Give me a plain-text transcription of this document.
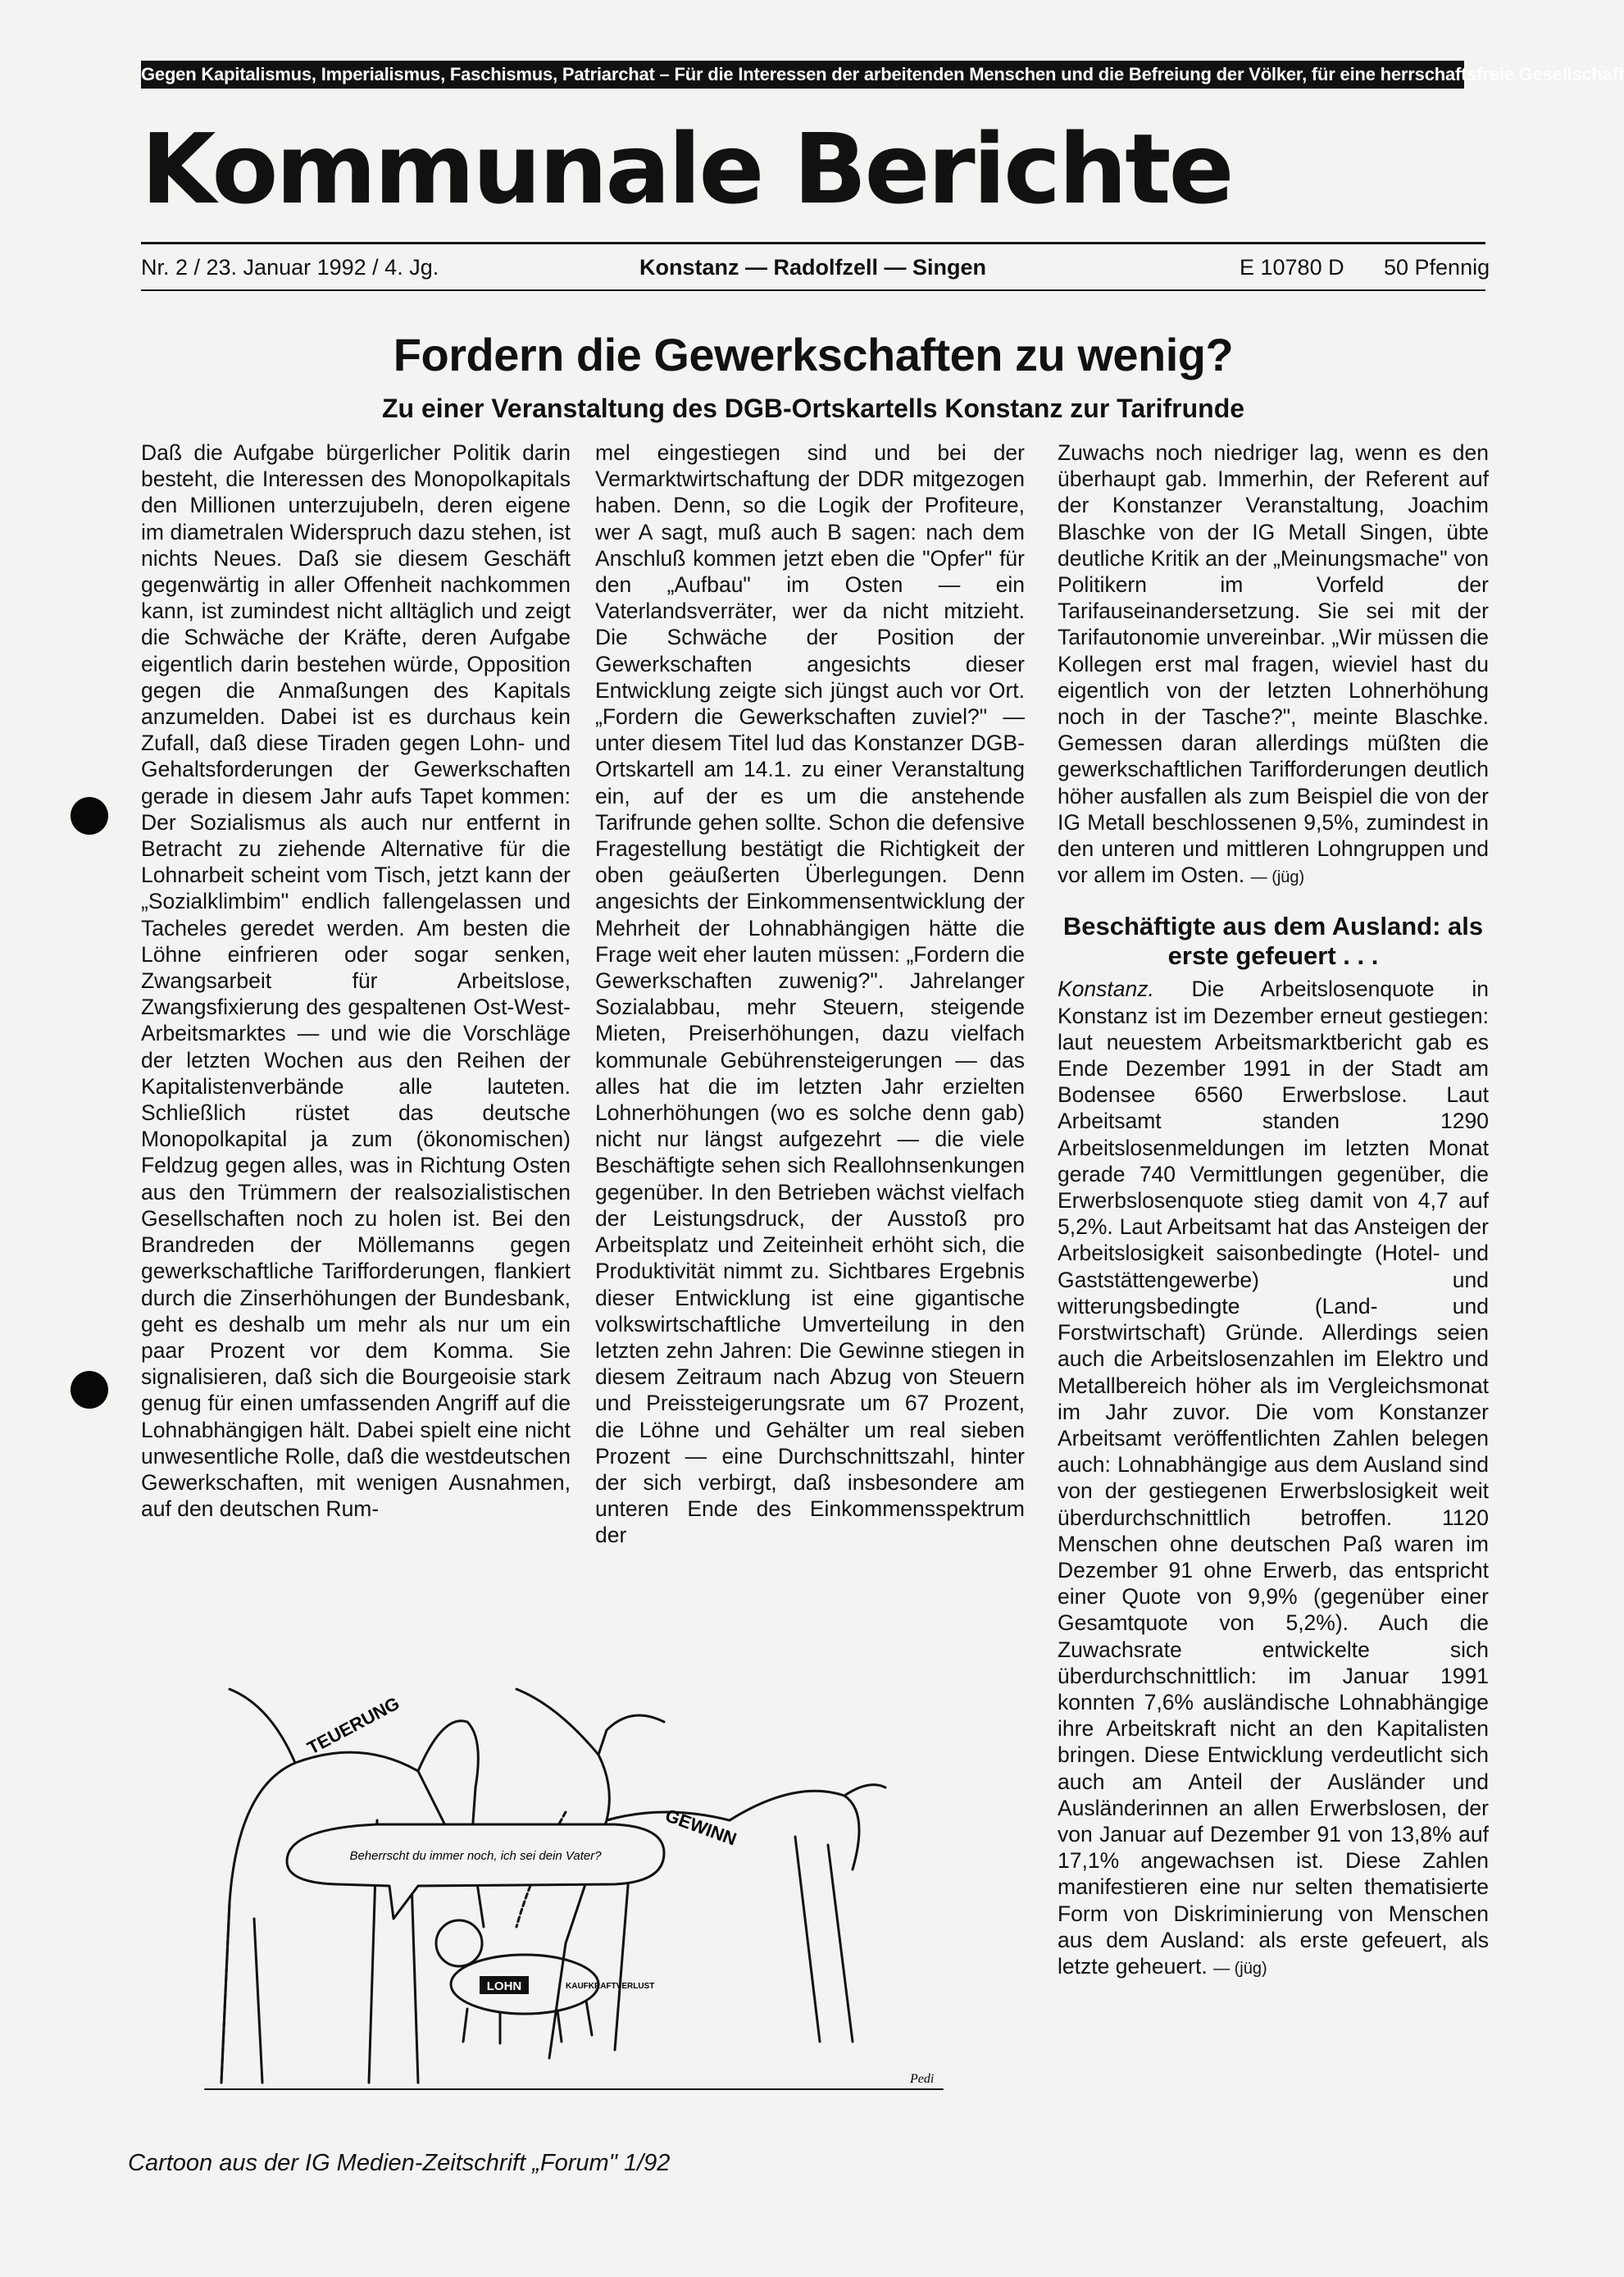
Gegen Kapitalismus, Imperialismus, Faschismus, Patriarchat – Für die Interessen der arbeitenden Menschen und die Befreiung der Völker, für eine herrschaftsfreie Gesellschaft
Kommunale Berichte
Nr. 2 / 23. Januar 1992 / 4. Jg.	Konstanz — Radolfzell — Singen	E 10780 D 50 Pfennig
Fordern die Gewerkschaften zu wenig?
Zu einer Veranstaltung des DGB-Ortskartells Konstanz zur Tarifrunde

Daß die Aufgabe bürgerlicher Politik darin besteht, die Interessen des Monopolkapitals den Millionen unterzujubeln, deren eigene im diametralen Widerspruch dazu stehen, ist nichts Neues. Daß sie diesem Geschäft gegenwärtig in aller Offenheit nachkommen kann, ist zumindest nicht alltäglich und zeigt die Schwäche der Kräfte, deren Aufgabe eigentlich darin bestehen würde, Opposition gegen die Anmaßungen des Kapitals anzumelden. Dabei ist es durchaus kein Zufall, daß diese Tiraden gegen Lohn- und Gehaltsforderungen der Gewerkschaften gerade in diesem Jahr aufs Tapet kommen: Der Sozialismus als auch nur entfernt in Betracht zu ziehende Alternative für die Lohnarbeit scheint vom Tisch, jetzt kann der „Sozialklimbim" endlich fallengelassen und Tacheles geredet werden. Am besten die Löhne einfrieren oder sogar senken, Zwangsarbeit für Arbeitslose, Zwangsfixierung des gespaltenen Ost-West-Arbeitsmarktes — und wie die Vorschläge der letzten Wochen aus den Reihen der Kapitalistenverbände alle lauteten. Schließlich rüstet das deutsche Monopolkapital ja zum (ökonomischen) Feldzug gegen alles, was in Richtung Osten aus den Trümmern der realsozialistischen Gesellschaften noch zu holen ist. Bei den Brandreden der Möllemanns gegen gewerkschaftliche Tarifforderungen, flankiert durch die Zinserhöhungen der Bundesbank, geht es deshalb um mehr als nur um ein paar Prozent vor dem Komma. Sie signalisieren, daß sich die Bourgeoisie stark genug für einen umfassenden Angriff auf die Lohnabhängigen hält. Dabei spielt eine nicht unwesentliche Rolle, daß die westdeutschen Gewerkschaften, mit wenigen Ausnahmen, auf den deutschen Rum-

mel eingestiegen sind und bei der Vermarktwirtschaftung der DDR mitgezogen haben. Denn, so die Logik der Profiteure, wer A sagt, muß auch B sagen: nach dem Anschluß kommen jetzt eben die "Opfer" für den „Aufbau" im Osten — ein Vaterlandsverräter, wer da nicht mitzieht. Die Schwäche der Position der Gewerkschaften angesichts dieser Entwicklung zeigte sich jüngst auch vor Ort. „Fordern die Gewerkschaften zuviel?" — unter diesem Titel lud das Konstanzer DGB-Ortskartell am 14.1. zu einer Veranstaltung ein, auf der es um die anstehende Tarifrunde gehen sollte. Schon die defensive Fragestellung bestätigt die Richtigkeit der oben geäußerten Überlegungen. Denn angesichts der Einkommensentwicklung der Mehrheit der Lohnabhängigen hätte die Frage weit eher lauten müssen: „Fordern die Gewerkschaften zuwenig?". Jahrelanger Sozialabbau, mehr Steuern, steigende Mieten, Preiserhöhungen, dazu vielfach kommunale Gebührensteigerungen — das alles hat die im letzten Jahr erzielten Lohnerhöhungen (wo es solche denn gab) nicht nur längst aufgezehrt — die viele Beschäftigte sehen sich Reallohnsenkungen gegenüber. In den Betrieben wächst vielfach der Leistungsdruck, der Ausstoß pro Arbeitsplatz und Zeiteinheit erhöht sich, die Produktivität nimmt zu. Sichtbares Ergebnis dieser Entwicklung ist eine gigantische volkswirtschaftliche Umverteilung in den letzten zehn Jahren: Die Gewinne stiegen in diesem Zeitraum nach Abzug von Steuern und Preissteigerungsrate um 67 Prozent, die Löhne und Gehälter um real sieben Prozent — eine Durchschnittszahl, hinter der sich verbirgt, daß insbesondere am unteren Ende des Einkommensspektrum der

Zuwachs noch niedriger lag, wenn es den überhaupt gab. Immerhin, der Referent auf der Konstanzer Veranstaltung, Joachim Blaschke von der IG Metall Singen, übte deutliche Kritik an der „Meinungsmache" von Politikern im Vorfeld der Tarifauseinandersetzung. Sie sei mit der Tarifautonomie unvereinbar. „Wir müssen die Kollegen erst mal fragen, wieviel hast du eigentlich von der letzten Lohnerhöhung noch in der Tasche?", meinte Blaschke. Gemessen daran allerdings müßten die gewerkschaftlichen Tarifforderungen deutlich höher ausfallen als zum Beispiel die von der IG Metall beschlossenen 9,5%, zumindest in den unteren und mittleren Lohngruppen und vor allem im Osten. — (jüg)

Beschäftigte aus dem Ausland: als erste gefeuert . . .

Konstanz. Die Arbeitslosenquote in Konstanz ist im Dezember erneut gestiegen: laut neuestem Arbeitsmarktbericht gab es Ende Dezember 1991 in der Stadt am Bodensee 6560 Erwerbslose. Laut Arbeitsamt standen 1290 Arbeitslosenmeldungen im letzten Monat gerade 740 Vermittlungen gegenüber, die Erwerbslosenquote stieg damit von 4,7 auf 5,2%. Laut Arbeitsamt hat das Ansteigen der Arbeitslosigkeit saisonbedingte (Hotel- und Gaststättengewerbe) und witterungsbedingte (Land- und Forstwirtschaft) Gründe. Allerdings seien auch die Arbeitslosenzahlen im Elektro und Metallbereich höher als im Vergleichsmonat im Jahr zuvor. Die vom Konstanzer Arbeitsamt veröffentlichten Zahlen belegen auch: Lohnabhängige aus dem Ausland sind von der gestiegenen Erwerbslosigkeit weit überdurchschnittlich betroffen. 1120 Menschen ohne deutschen Paß waren im Dezember 91 ohne Erwerb, das entspricht einer Quote von 9,9% (gegenüber einer Gesamtquote von 5,2%). Auch die Zuwachsrate entwickelte sich überdurchschnittlich: im Januar 1991 konnten 7,6% ausländische Lohnabhängige ihre Arbeitskraft nicht an den Kapitalisten bringen. Diese Entwicklung verdeutlicht sich auch am Anteil der Ausländer und Ausländerinnen an allen Erwerbslosen, der von Januar auf Dezember 91 von 13,8% auf 17,1% angewachsen ist. Diese Zahlen manifestieren eine nur selten thematisierte Form von Diskriminierung von Menschen aus dem Ausland: als erste gefeuert, als letzte geheuert. — (jüg)

TEUERUNG
GEWINN
Beherrscht du immer noch, ich sei dein Vater?
LOHN	KAUFKRAFTVERLUST
Pedi
Cartoon aus der IG Medien-Zeitschrift „Forum" 1/92
